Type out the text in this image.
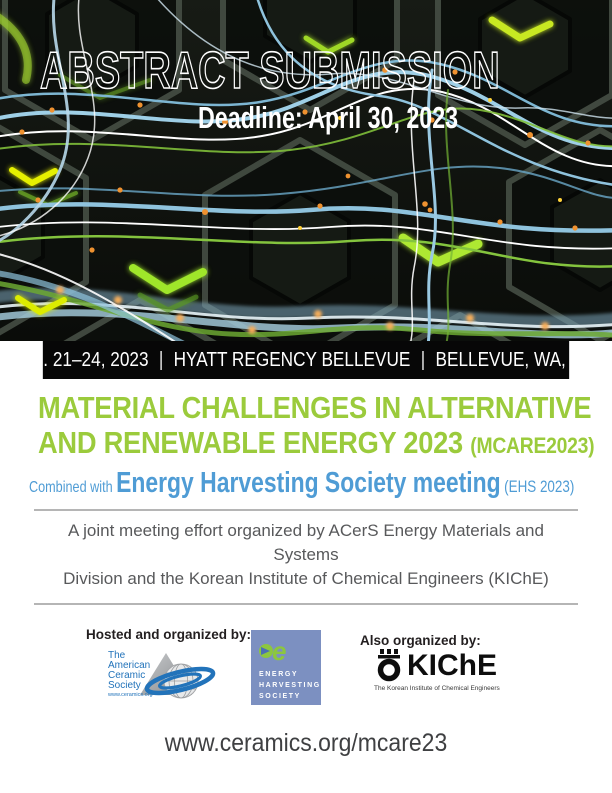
ABSTRACT SUBMISSION
Deadline: April 30, 2023
AUG. 21–24, 2023 | HYATT REGENCY BELLEVUE | BELLEVUE, WA, USA
MATERIAL CHALLENGES IN ALTERNATIVE
AND RENEWABLE ENERGY 2023 (MCARE2023)
Combined with Energy Harvesting Society meeting (EHS 2023)
A joint meeting effort organized by ACerS Energy Materials and Systems
Division and the Korean Institute of Chemical Engineers (KIChE)
Hosted and organized by:
The
American
Ceramic
Society
www.ceramics.org
e
ENERGY
HARVESTING
SOCIETY
Also organized by:
KIChE
The Korean Institute of Chemical Engineers
www.ceramics.org/mcare23
